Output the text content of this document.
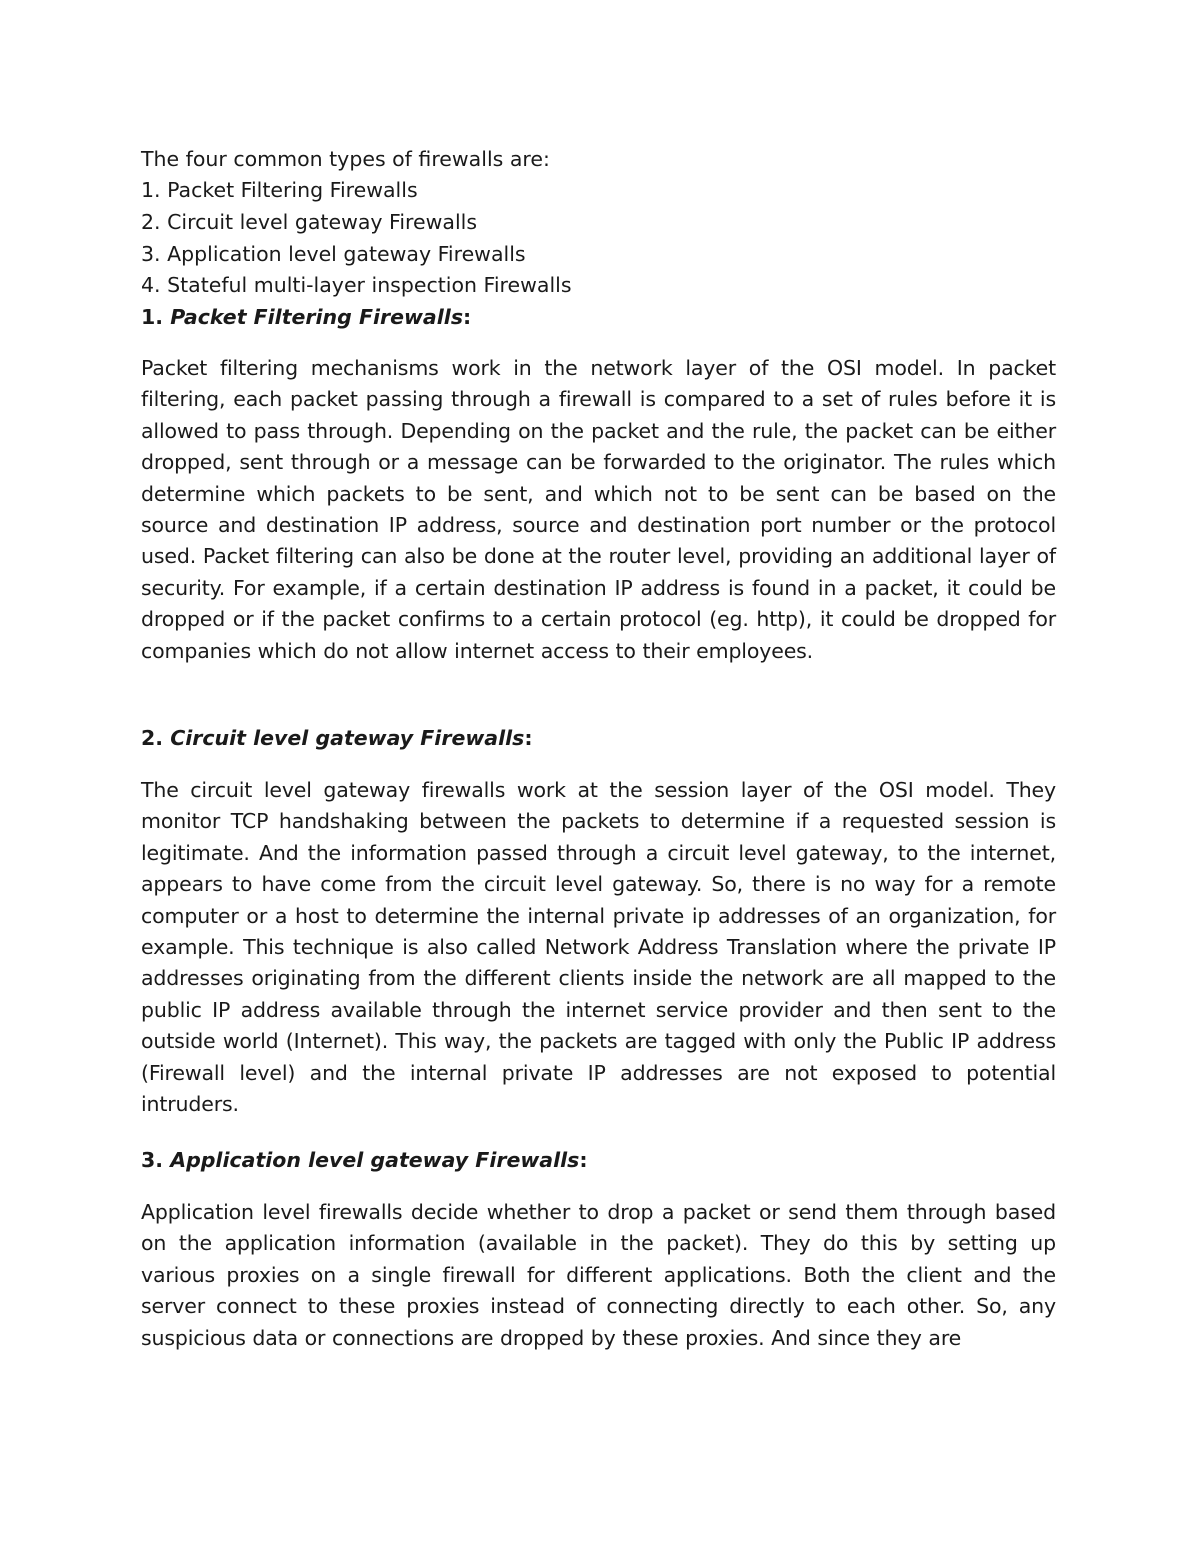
The four common types of firewalls are:
1. Packet Filtering Firewalls
2. Circuit level gateway Firewalls
3. Application level gateway Firewalls
4. Stateful multi-layer inspection Firewalls
1. Packet Filtering Firewalls:
Packet filtering mechanisms work in the network layer of the OSI model. In packet filtering, each packet passing through a firewall is compared to a set of rules before it is allowed to pass through. Depending on the packet and the rule, the packet can be either dropped, sent through or a message can be forwarded to the originator. The rules which determine which packets to be sent, and which not to be sent can be based on the source and destination IP address, source and destination port number or the protocol used. Packet filtering can also be done at the router level, providing an additional layer of security. For example, if a certain destination IP address is found in a packet, it could be dropped or if the packet confirms to a certain protocol (eg. http), it could be dropped for companies which do not allow internet access to their employees.
2. Circuit level gateway Firewalls:
The circuit level gateway firewalls work at the session layer of the OSI model. They monitor TCP handshaking between the packets to determine if a requested session is legitimate. And the information passed through a circuit level gateway, to the internet, appears to have come from the circuit level gateway. So, there is no way for a remote computer or a host to determine the internal private ip addresses of an organization, for example. This technique is also called Network Address Translation where the private IP addresses originating from the different clients inside the network are all mapped to the public IP address available through the internet service provider and then sent to the outside world (Internet). This way, the packets are tagged with only the Public IP address (Firewall level) and the internal private IP addresses are not exposed to potential intruders.
3. Application level gateway Firewalls:
Application level firewalls decide whether to drop a packet or send them through based on the application information (available in the packet). They do this by setting up various proxies on a single firewall for different applications. Both the client and the server connect to these proxies instead of connecting directly to each other. So, any suspicious data or connections are dropped by these proxies. And since they are
